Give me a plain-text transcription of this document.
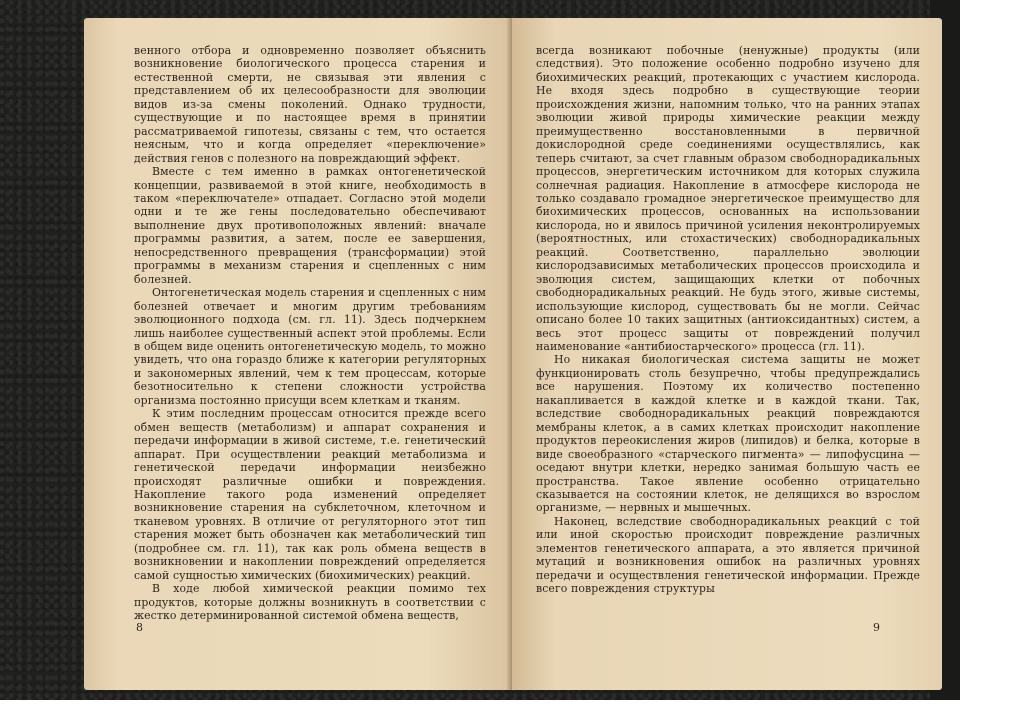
венного отбора и одновременно позволяет объяснить возникновение биологического процесса старения и естественной смерти, не связывая эти явления с представлением об их целесообразности для эволюции видов из-за смены поколений. Однако трудности, существующие и по настоящее время в принятии рассматриваемой гипотезы, связаны с тем, что остается неясным, что и когда определяет «переключение» действия генов с полезного на повреждающий эффект.

Вместе с тем именно в рамках онтогенетической концепции, развиваемой в этой книге, необходимость в таком «переключателе» отпадает. Согласно этой модели одни и те же гены последовательно обеспечивают выполнение двух противоположных явлений: вначале программы развития, а затем, после ее завершения, непосредственного превращения (трансформации) этой программы в механизм старения и сцепленных с ним болезней.

Онтогенетическая модель старения и сцепленных с ним болезней отвечает и многим другим требованиям эволюционного подхода (см. гл. 11). Здесь подчеркнем лишь наиболее существенный аспект этой проблемы. Если в общем виде оценить онтогенетическую модель, то можно увидеть, что она гораздо ближе к категории регуляторных и закономерных явлений, чем к тем процессам, которые безотносительно к степени сложности устройства организма постоянно присущи всем клеткам и тканям.

К этим последним процессам относится прежде всего обмен веществ (метаболизм) и аппарат сохранения и передачи информации в живой системе, т.е. генетический аппарат. При осуществлении реакций метаболизма и генетической передачи информации неизбежно происходят различные ошибки и повреждения. Накопление такого рода изменений определяет возникновение старения на субклеточном, клеточном и тканевом уровнях. В отличие от регуляторного этот тип старения может быть обозначен как метаболический тип (подробнее см. гл. 11), так как роль обмена веществ в возникновении и накоплении повреждений определяется самой сущностью химических (биохимических) реакций.

В ходе любой химической реакции помимо тех продуктов, которые должны возникнуть в соответствии с жестко детерминированной системой обмена веществ,

8

всегда возникают побочные (ненужные) продукты (или следствия). Это положение особенно подробно изучено для биохимических реакций, протекающих с участием кислорода. Не входя здесь подробно в существующие теории происхождения жизни, напомним только, что на ранних этапах эволюции живой природы химические реакции между преимущественно восстановленными в первичной докислородной среде соединениями осуществлялись, как теперь считают, за счет главным образом свободнорадикальных процессов, энергетическим источником для которых служила солнечная радиация. Накопление в атмосфере кислорода не только создавало громадное энергетическое преимущество для биохимических процессов, основанных на использовании кислорода, но и явилось причиной усиления неконтролируемых (вероятностных, или стохастических) свободнорадикальных реакций. Соответственно, параллельно эволюции кислородзависимых метаболических процессов происходила и эволюция систем, защищающих клетки от побочных свободнорадикальных реакций. Не будь этого, живые системы, использующие кислород, существовать бы не могли. Сейчас описано более 10 таких защитных (антиоксидантных) систем, а весь этот процесс защиты от повреждений получил наименование «антибиостарческого» процесса (гл. 11).

Но никакая биологическая система защиты не может функционировать столь безупречно, чтобы предупреждались все нарушения. Поэтому их количество постепенно накапливается в каждой клетке и в каждой ткани. Так, вследствие свободнорадикальных реакций повреждаются мембраны клеток, а в самих клетках происходит накопление продуктов переокисления жиров (липидов) и белка, которые в виде своеобразного «старческого пигмента» — липофусцина — оседают внутри клетки, нередко занимая большую часть ее пространства. Такое явление особенно отрицательно сказывается на состоянии клеток, не делящихся во взрослом организме, — нервных и мышечных.

Наконец, вследствие свободнорадикальных реакций с той или иной скоростью происходит повреждение различных элементов генетического аппарата, а это является причиной мутаций и возникновения ошибок на различных уровнях передачи и осуществления генетической информации. Прежде всего повреждения структуры

9
